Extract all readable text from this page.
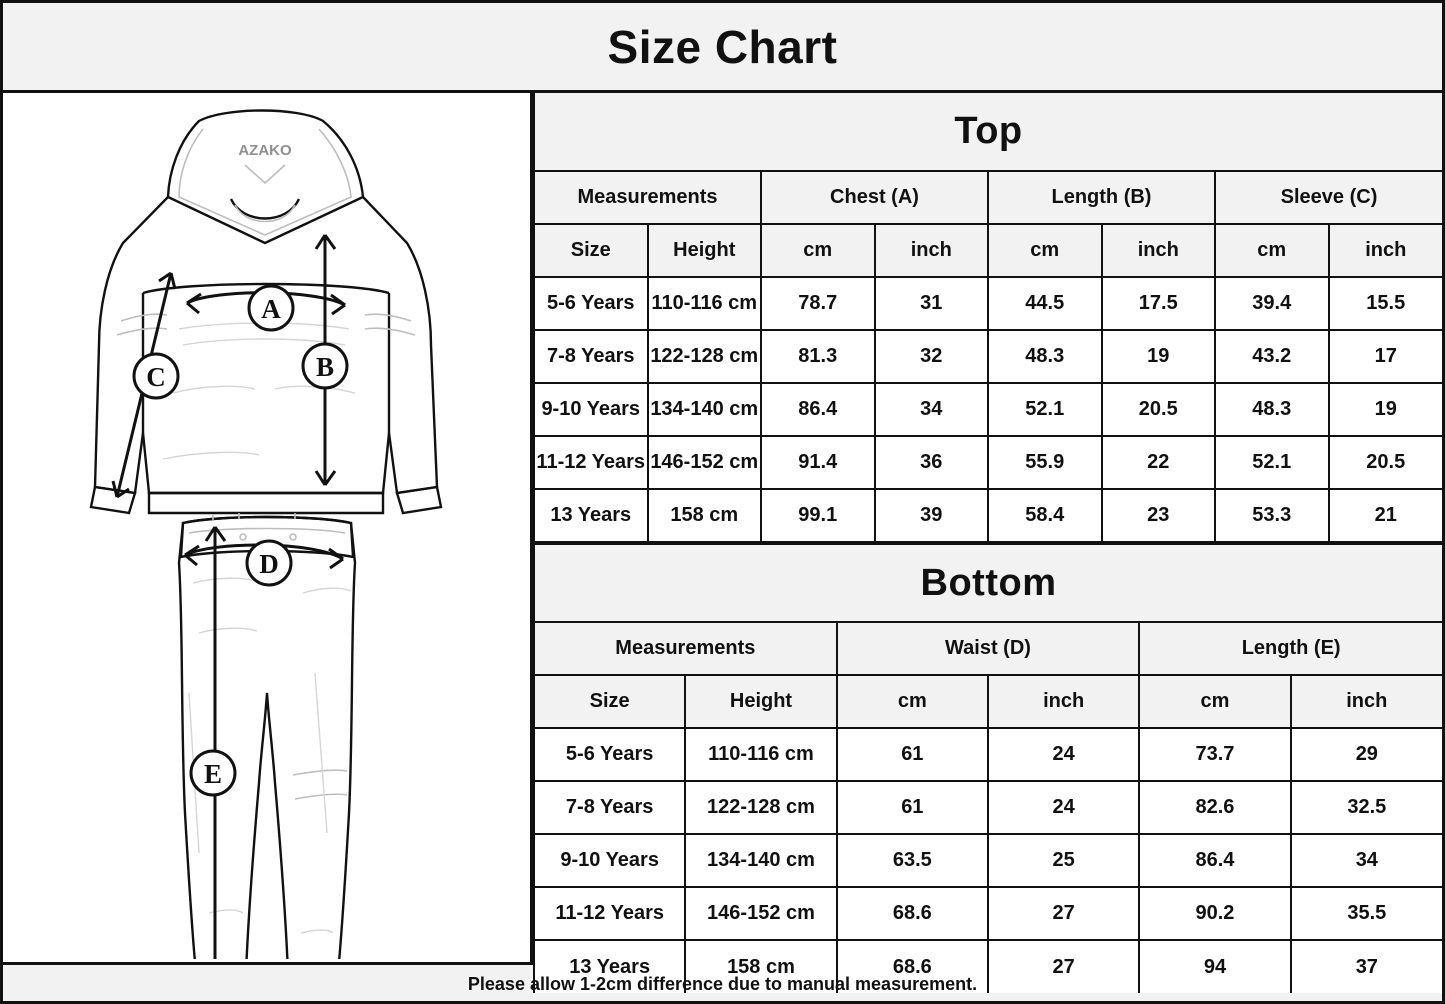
Size Chart
AZAKO
A
B
C
D
E
Top							
Measurements		Chest (A)		Length (B)		Sleeve (C)	
Size	Height	cm	inch	cm	inch	cm	inch
5-6 Years	110-116 cm	78.7	31	44.5	17.5	39.4	15.5
7-8 Years	122-128 cm	81.3	32	48.3	19	43.2	17
9-10 Years	134-140 cm	86.4	34	52.1	20.5	48.3	19
11-12 Years	146-152 cm	91.4	36	55.9	22	52.1	20.5
13 Years	158 cm	99.1	39	58.4	23	53.3	21
Bottom					
Measurements		Waist (D)		Length (E)	
Size	Height	cm	inch	cm	inch
5-6 Years	110-116 cm	61	24	73.7	29
7-8 Years	122-128 cm	61	24	82.6	32.5
9-10 Years	134-140 cm	63.5	25	86.4	34
11-12 Years	146-152 cm	68.6	27	90.2	35.5
13 Years	158 cm	68.6	27	94	37
Please allow 1-2cm difference due to manual measurement.
